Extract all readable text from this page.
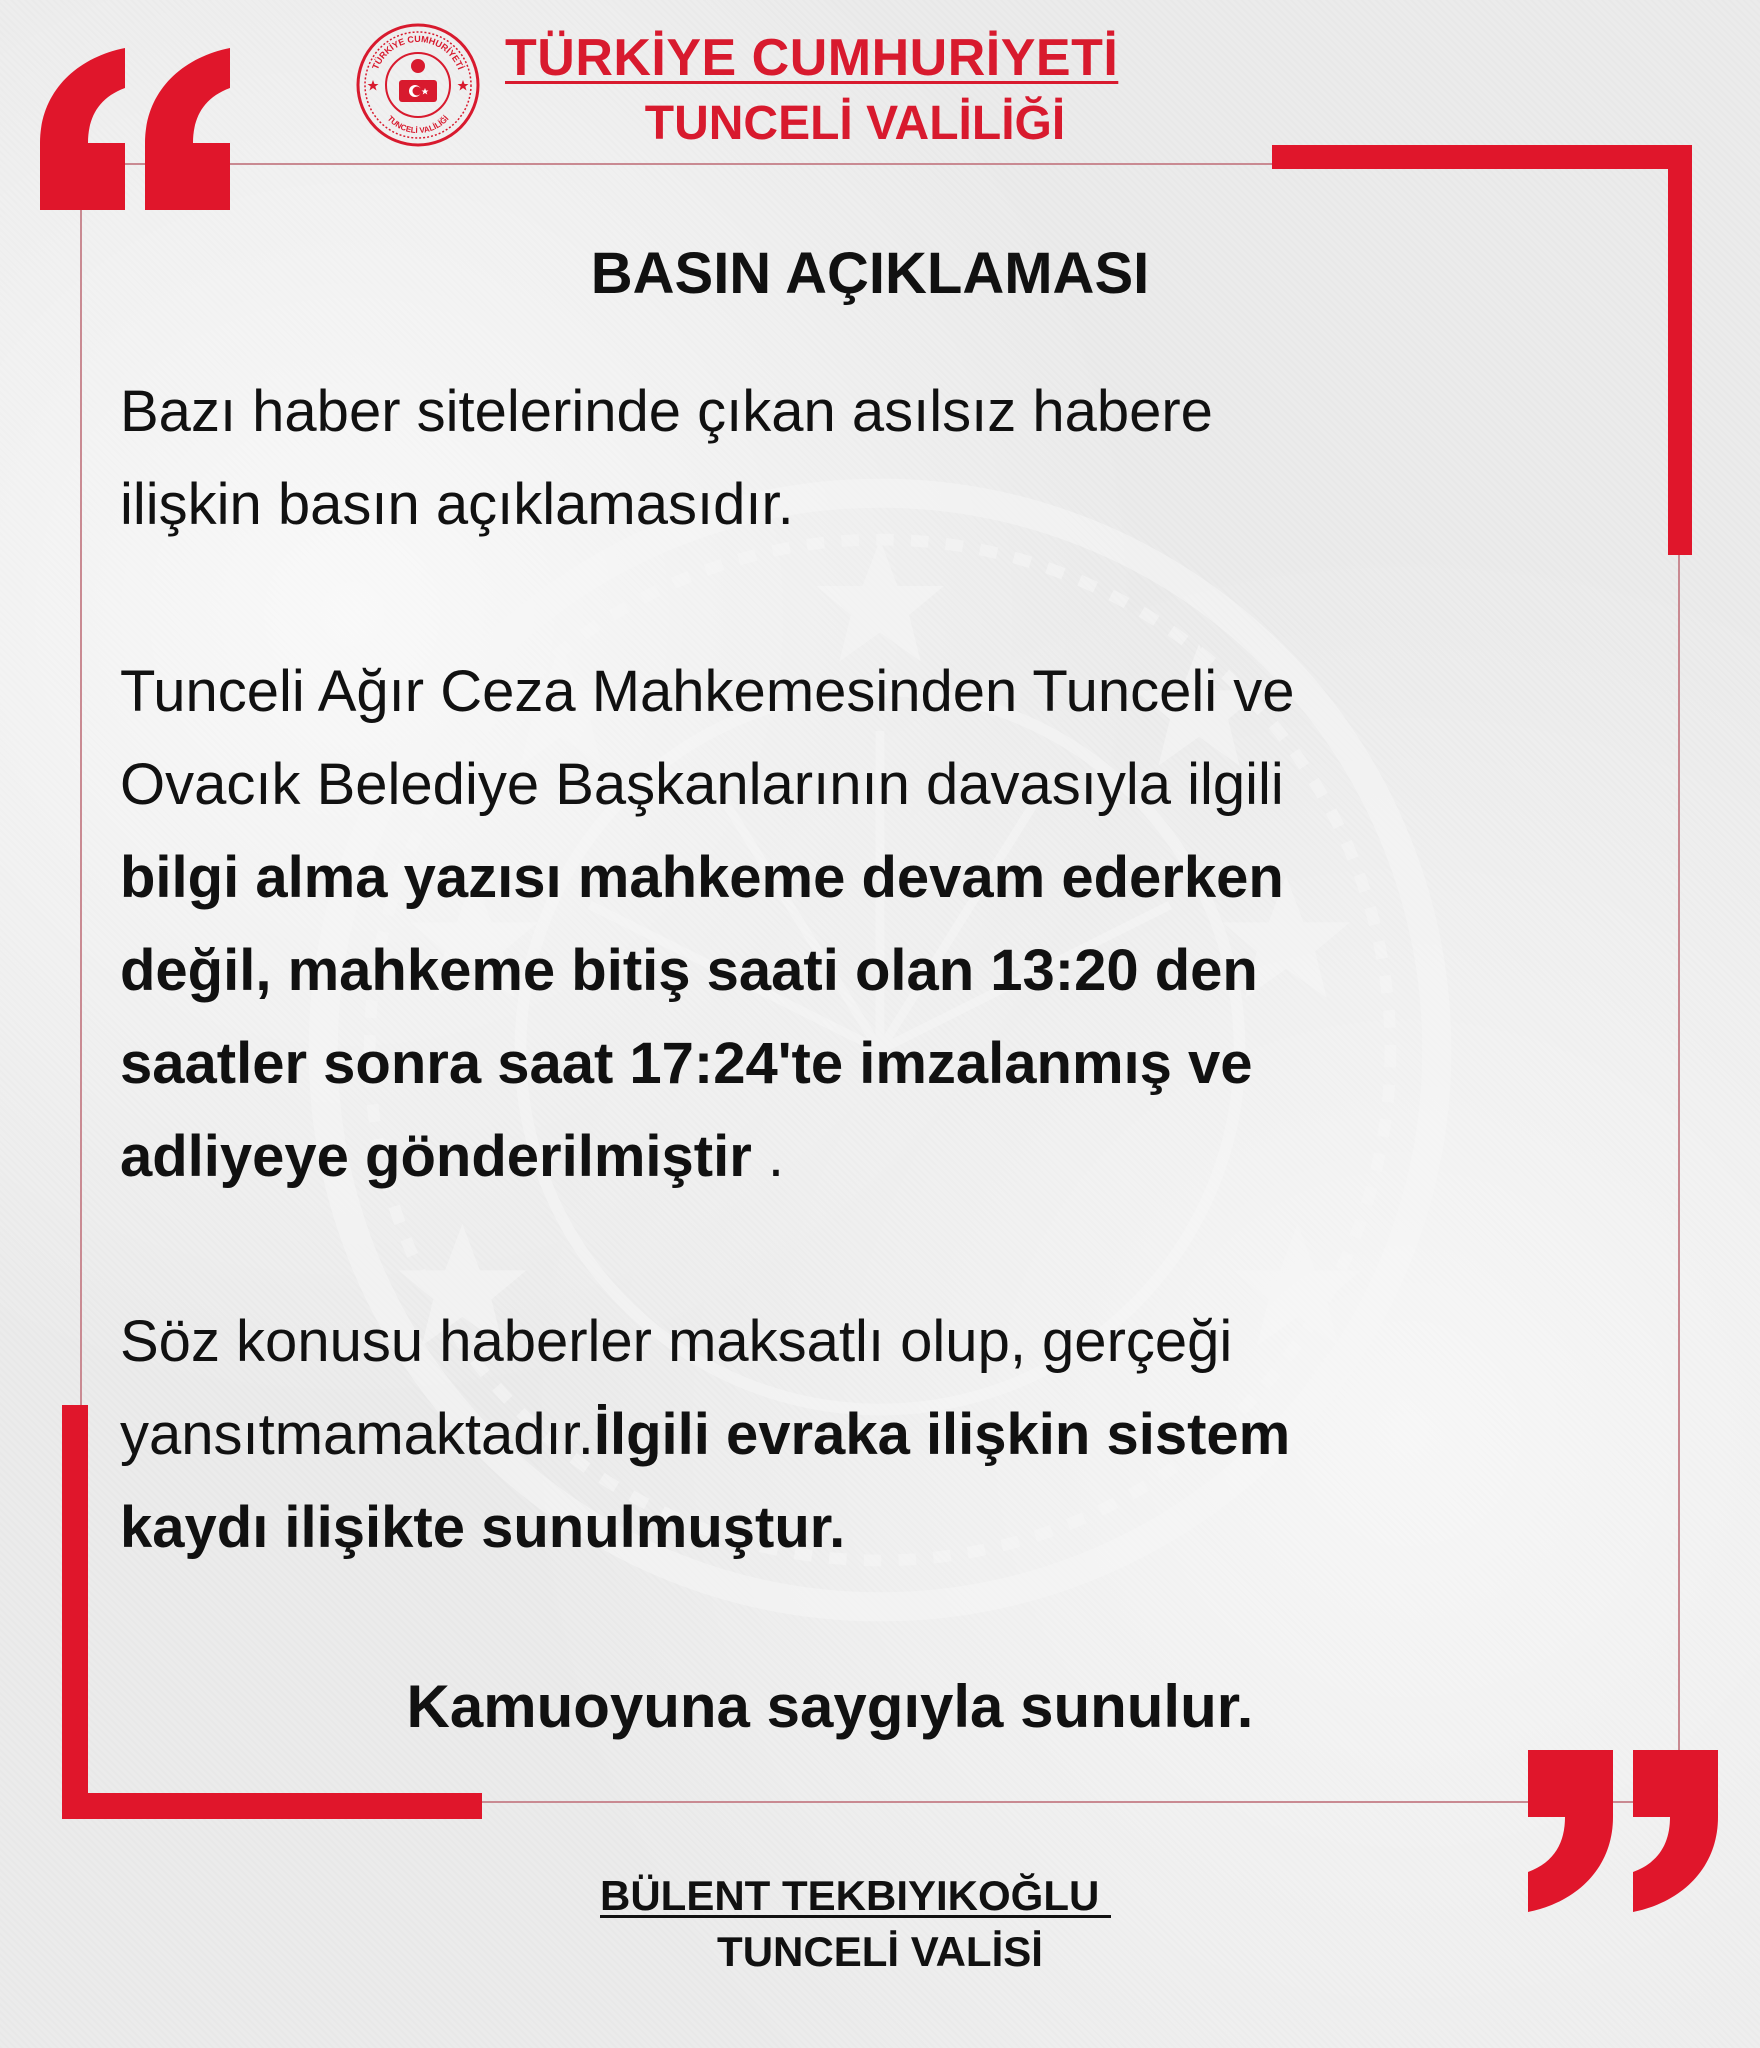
TÜRKİYE CUMHURİYETİ
TUNCELİ VALİLİĞİ
TÜRKİYE CUMHURİYETİ
TUNCELİ VALİLİĞİ
BASIN AÇIKLAMASI
Bazı haber sitelerinde çıkan asılsız habere
ilişkin basın açıklamasıdır.
Tunceli Ağır Ceza Mahkemesinden Tunceli ve
Ovacık Belediye Başkanlarının davasıyla ilgili
bilgi alma yazısı mahkeme devam ederken
değil, mahkeme bitiş saati olan 13:20 den
saatler sonra saat 17:24'te imzalanmış ve
adliyeye gönderilmiştir .
Söz konusu haberler maksatlı olup, gerçeği
yansıtmamaktadır.İlgili evraka ilişkin sistem
kaydı ilişikte sunulmuştur.
Kamuoyuna saygıyla sunulur.
BÜLENT TEKBIYIKOĞLU
TUNCELİ VALİSİ
